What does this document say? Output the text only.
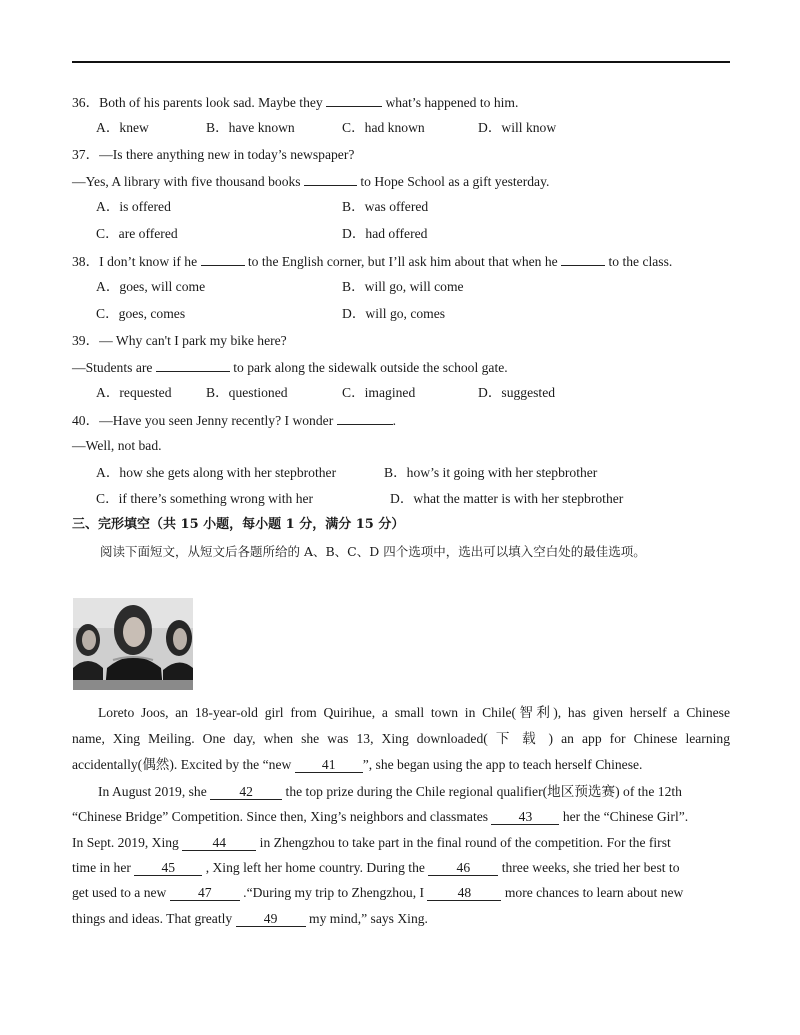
36．Both of his parents look sad. Maybe they	what’s happened to him.
A．knew	B．have known	C．had known	D．will know
37．—Is there anything new in today’s newspaper?
—Yes, A library with five thousand books	to Hope School as a gift yesterday.
A．is offered	B．was offered
C．are offered	D．had offered
38．I don’t know if he	to the English corner, but I’ll ask him about that when he	to the class.
A．goes, will come	B．will go, will come
C．goes, comes	D．will go, comes
39．— Why can't I park my bike here?
—Students are	to park along the sidewalk outside the school gate.
A．requested	B．questioned	C．imagined	D．suggested
40．—Have you seen Jenny recently? I wonder	.
—Well, not bad.
A．how she gets along with her stepbrother	B．how’s it going with her stepbrother
C．if there’s something wrong with her	D．what the matter is with her stepbrother
三、完形填空（共 15 小题，每小题 1 分，满分 15 分）
阅读下面短文，从短文后各题所给的 A、B、C、D 四个选项中，选出可以填入空白处的最佳选项。
Loreto Joos, an 18-year-old girl from Quirihue, a small town in Chile(智利), has given herself a Chinese
name, Xing Meiling. One day, when she was 13, Xing downloaded( 下 载 ) an app for Chinese learning
accidentally(偶然). Excited by the “new 41 ”, she began using the app to teach herself Chinese.
In August 2019, she 42 the top prize during the Chile regional qualifier(地区预选赛) of the 12th
“Chinese Bridge” Competition. Since then, Xing’s neighbors and classmates 43 her the “Chinese Girl”.
In Sept. 2019, Xing 44 in Zhengzhou to take part in the final round of the competition. For the first
time in her 45 , Xing left her home country. During the 46 three weeks, she tried her best to
get used to a new 47 .“During my trip to Zhengzhou, I 48 more chances to learn about new
things and ideas. That greatly 49 my mind,” says Xing.
